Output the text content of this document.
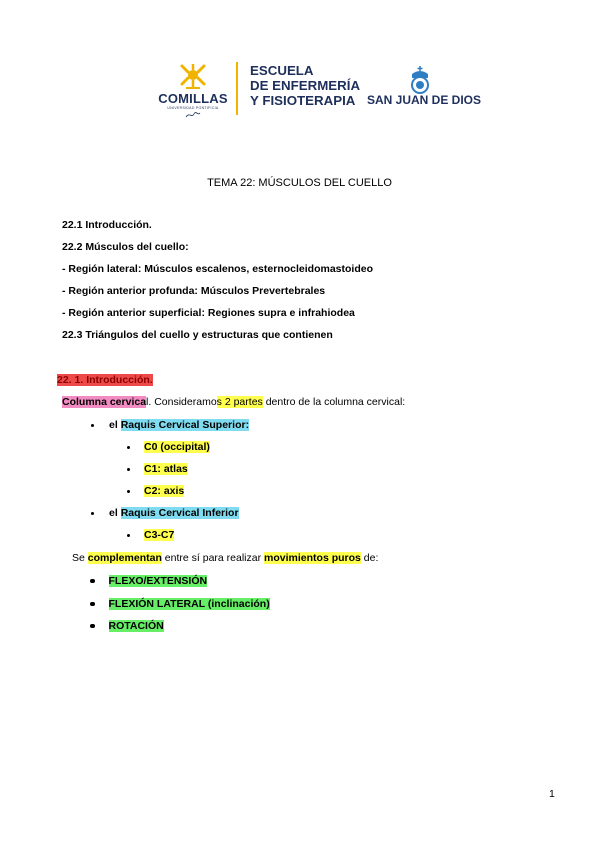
COMILLAS
UNIVERSIDAD PONTIFICIA
ESCUELA
DE ENFERMERÍA
Y FISIOTERAPIA SAN JUAN DE DIOS
TEMA 22: MÚSCULOS DEL CUELLO
22.1 Introducción.
22.2 Músculos del cuello:
- Región lateral: Músculos escalenos, esternocleidomastoideo
- Región anterior profunda: Músculos Prevertebrales
- Región anterior superficial: Regiones supra e infrahiodea
22.3 Triángulos del cuello y estructuras que contienen
22. 1. Introducción.
Columna cervical. Consideramos 2 partes dentro de la columna cervical:
el Raquis Cervical Superior:
C0 (occipital)
C1: atlas
C2: axis
el Raquis Cervical Inferior
C3-C7
Se complementan entre sí para realizar movimientos puros de:
FLEXO/EXTENSIÓN
FLEXIÓN LATERAL (inclinación)
ROTACIÓN
1
